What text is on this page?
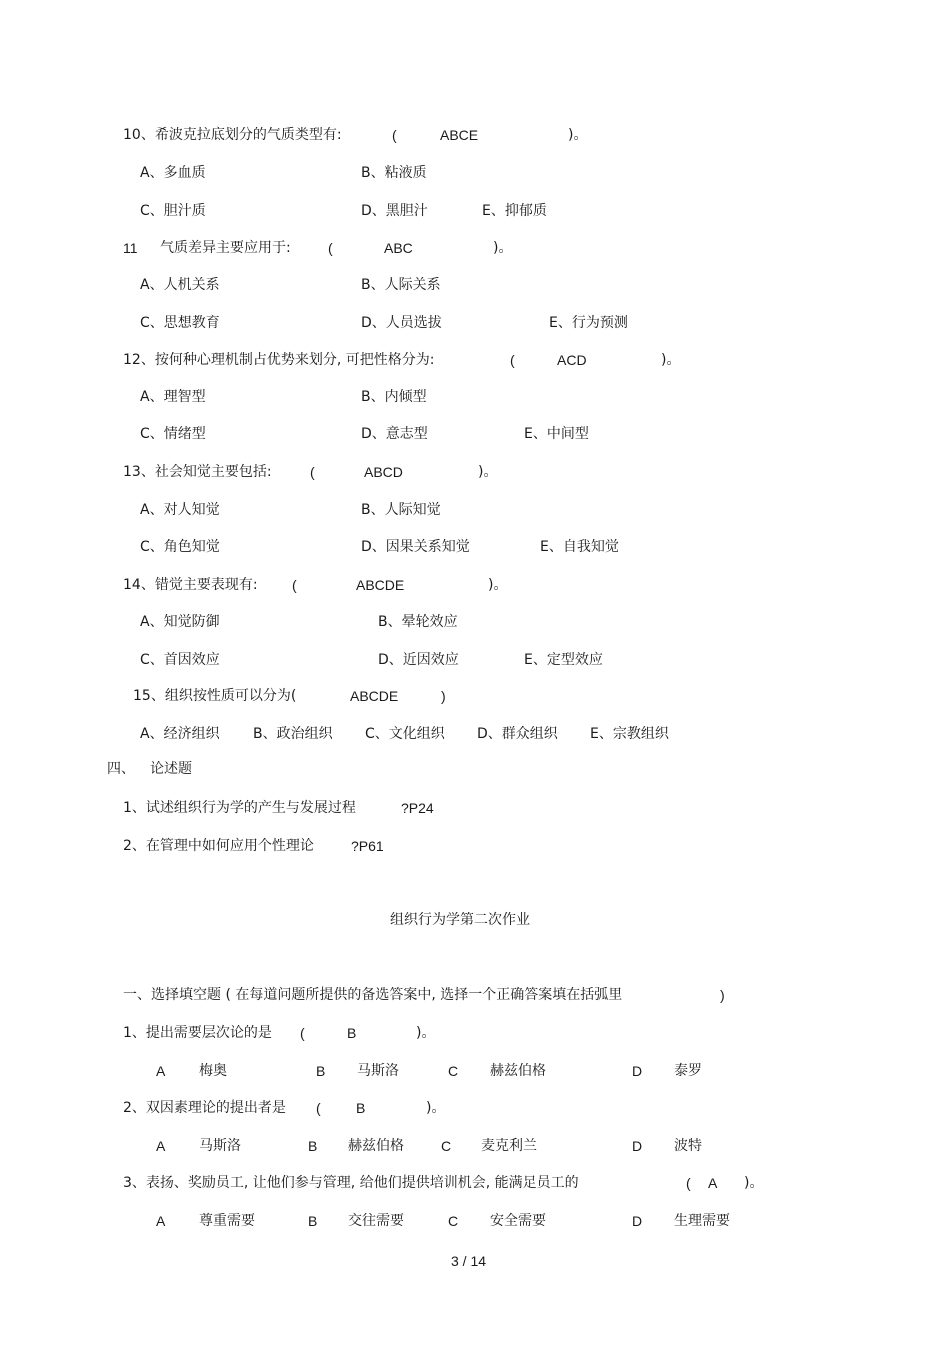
10、希波克拉底划分的气质类型有:	(	ABCE	)。
A、多血质	B、粘液质
C、胆汁质	D、黑胆汁	E、抑郁质
11 气质差异主要应用于:	(	ABC	)。
A、人机关系	B、人际关系
C、思想教育	D、人员选拔	E、行为预测
12、按何种心理机制占优势来划分, 可把性格分为:	(	ACD	)。
A、理智型	B、内倾型
C、情绪型	D、意志型	E、中间型
13、社会知觉主要包括:	(	ABCD	)。
A、对人知觉	B、人际知觉
C、角色知觉	D、因果关系知觉	E、自我知觉
14、错觉主要表现有: (	ABCDE	)。
A、知觉防御	B、晕轮效应
C、首因效应	D、近因效应	E、定型效应
15、组织按性质可以分为(	ABCDE	)
A、经济组织 B、政治组织 C、文化组织 D、群众组织 E、宗教组织
四、 论述题
1、试述组织行为学的产生与发展过程	?P24
2、在管理中如何应用个性理论	?P61
组织行为学第二次作业
一、选择填空题 ( 在每道问题所提供的备选答案中, 选择一个正确答案填在括弧里	)
1、提出需要层次论的是 (	B	)。
A 梅奥	B 马斯洛	C 赫兹伯格	D 泰罗
2、双因素理论的提出者是 (	B	)。
A 马斯洛	B 赫兹伯格	C 麦克利兰	D 波特
3、表扬、奖励员工, 让他们参与管理, 给他们提供培训机会, 能满足员工的	( A )。
A 尊重需要	B 交往需要	C 安全需要	D 生理需要
3 / 14
